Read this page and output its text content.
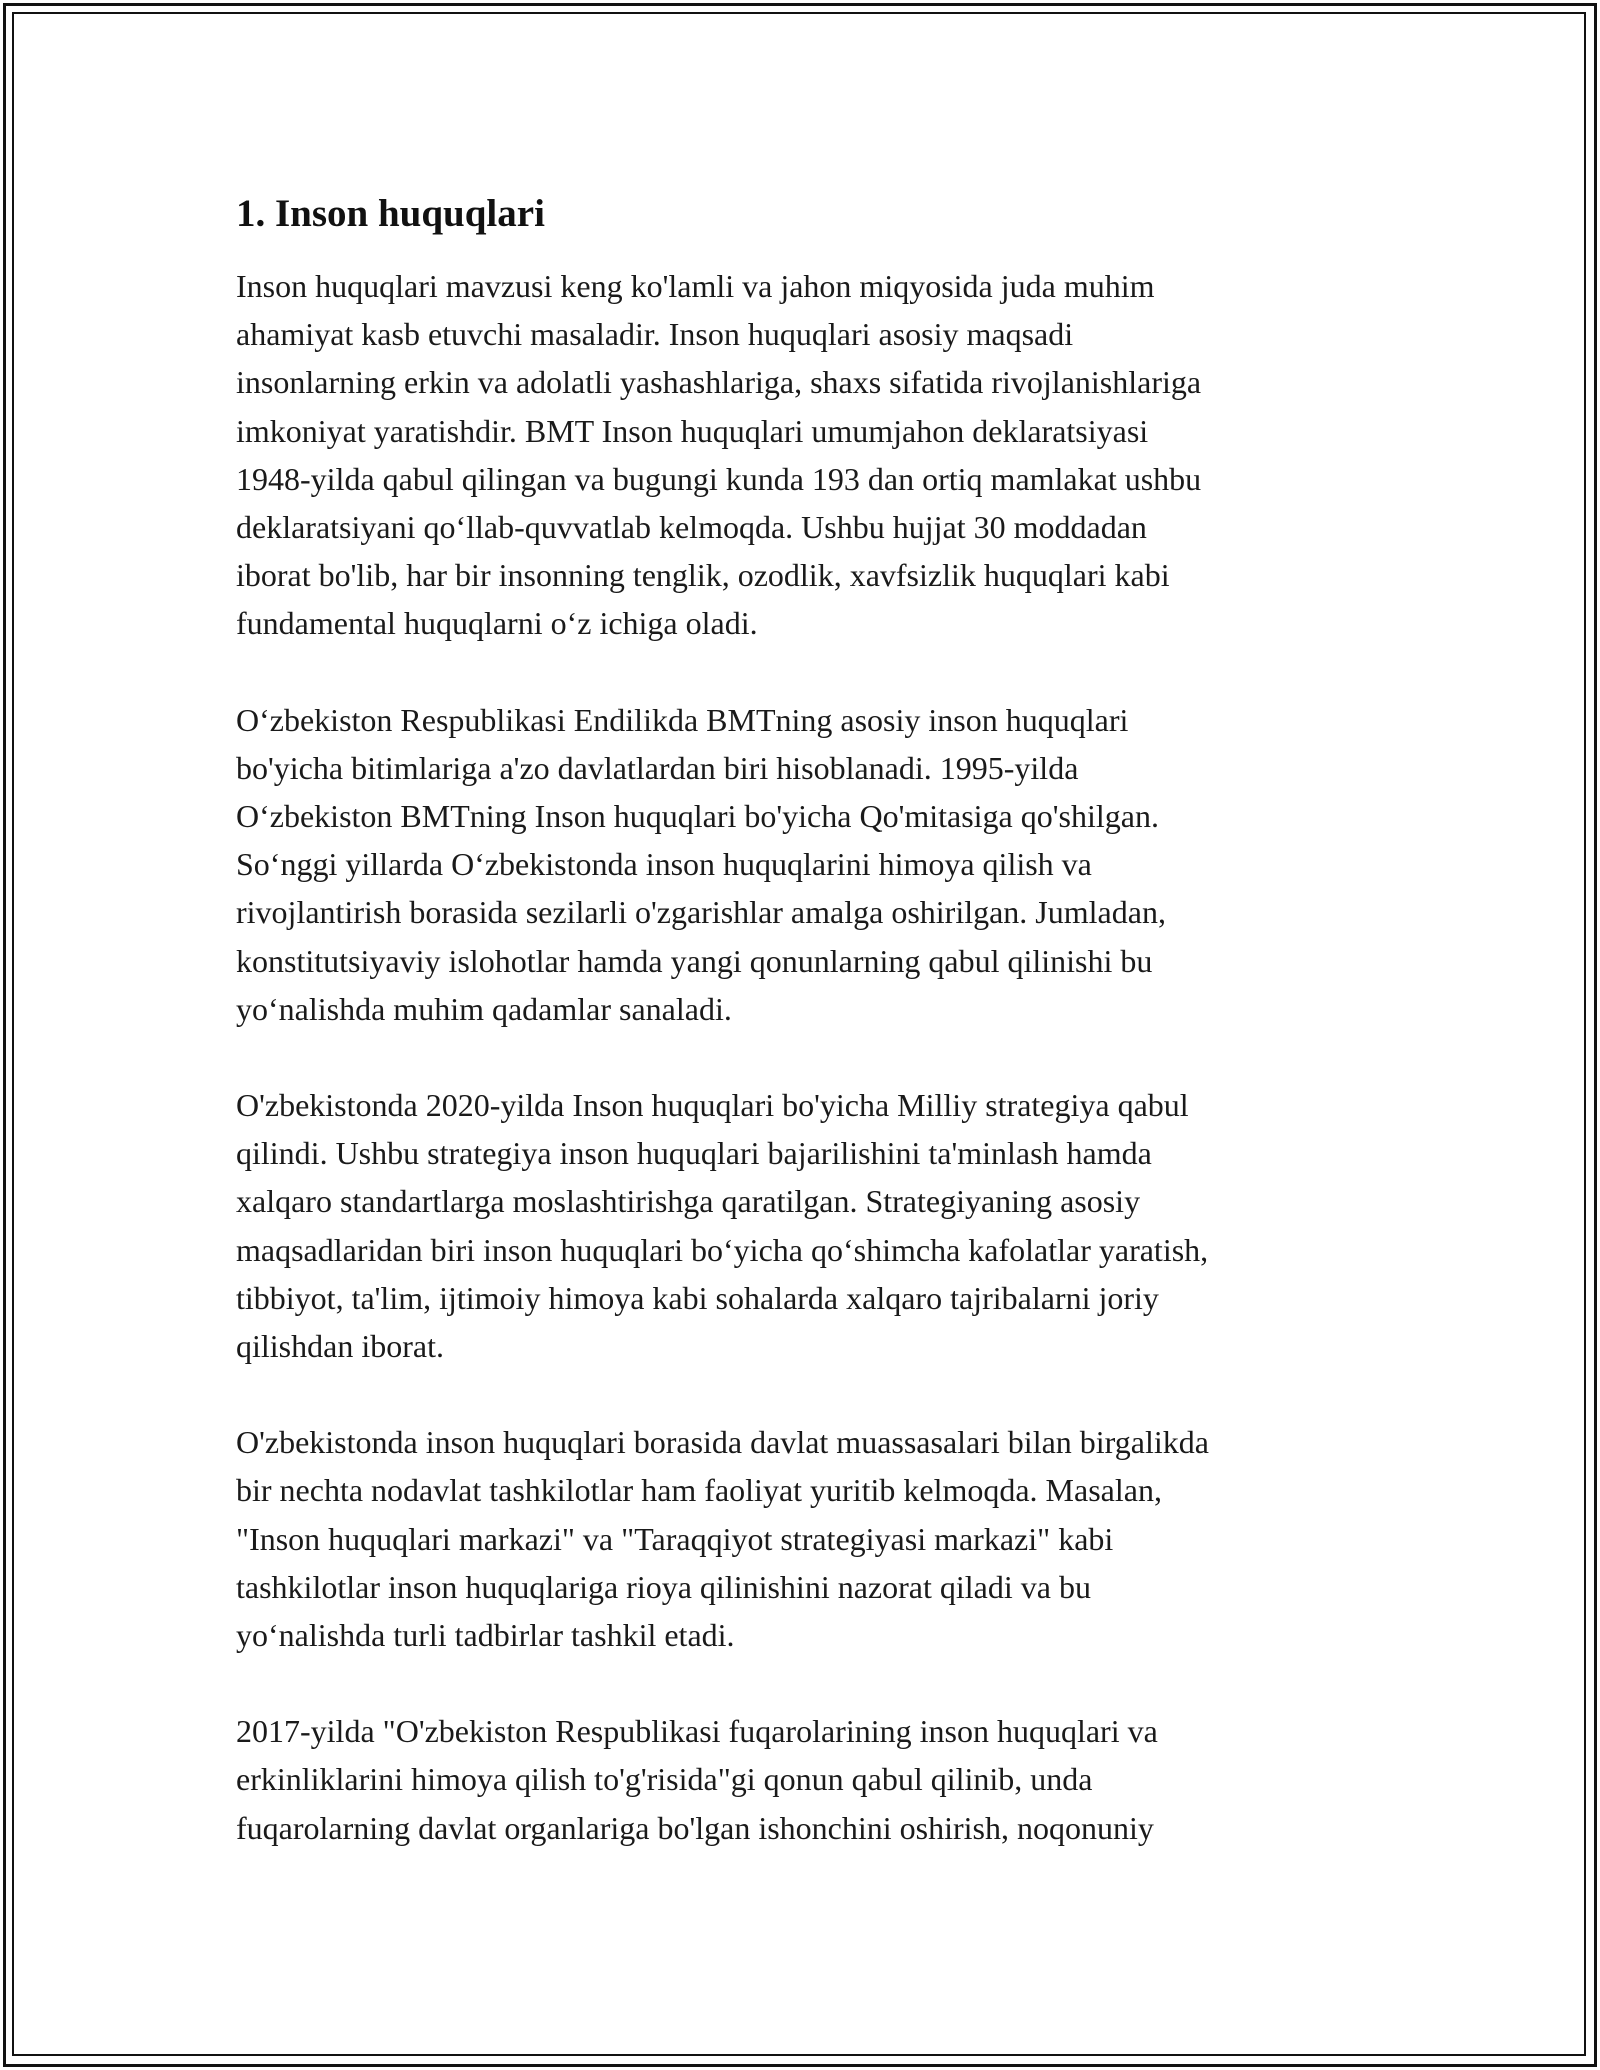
1. Inson huquqlari

Inson huquqlari mavzusi keng ko'lamli va jahon miqyosida juda muhim
ahamiyat kasb etuvchi masaladir. Inson huquqlari asosiy maqsadi
insonlarning erkin va adolatli yashashlariga, shaxs sifatida rivojlanishlariga
imkoniyat yaratishdir. BMT Inson huquqlari umumjahon deklaratsiyasi
1948-yilda qabul qilingan va bugungi kunda 193 dan ortiq mamlakat ushbu
deklaratsiyani qo‘llab-quvvatlab kelmoqda. Ushbu hujjat 30 moddadan
iborat bo'lib, har bir insonning tenglik, ozodlik, xavfsizlik huquqlari kabi
fundamental huquqlarni o‘z ichiga oladi.

O‘zbekiston Respublikasi Endilikda BMTning asosiy inson huquqlari
bo'yicha bitimlariga a'zo davlatlardan biri hisoblanadi. 1995-yilda
O‘zbekiston BMTning Inson huquqlari bo'yicha Qo'mitasiga qo'shilgan.
So‘nggi yillarda O‘zbekistonda inson huquqlarini himoya qilish va
rivojlantirish borasida sezilarli o'zgarishlar amalga oshirilgan. Jumladan,
konstitutsiyaviy islohotlar hamda yangi qonunlarning qabul qilinishi bu
yo‘nalishda muhim qadamlar sanaladi.

O'zbekistonda 2020-yilda Inson huquqlari bo'yicha Milliy strategiya qabul
qilindi. Ushbu strategiya inson huquqlari bajarilishini ta'minlash hamda
xalqaro standartlarga moslashtirishga qaratilgan. Strategiyaning asosiy
maqsadlaridan biri inson huquqlari bo‘yicha qo‘shimcha kafolatlar yaratish,
tibbiyot, ta'lim, ijtimoiy himoya kabi sohalarda xalqaro tajribalarni joriy
qilishdan iborat.

O'zbekistonda inson huquqlari borasida davlat muassasalari bilan birgalikda
bir nechta nodavlat tashkilotlar ham faoliyat yuritib kelmoqda. Masalan,
"Inson huquqlari markazi" va "Taraqqiyot strategiyasi markazi" kabi
tashkilotlar inson huquqlariga rioya qilinishini nazorat qiladi va bu
yo‘nalishda turli tadbirlar tashkil etadi.

2017-yilda "O'zbekiston Respublikasi fuqarolarining inson huquqlari va
erkinliklarini himoya qilish to'g'risida"gi qonun qabul qilinib, unda
fuqarolarning davlat organlariga bo'lgan ishonchini oshirish, noqonuniy
